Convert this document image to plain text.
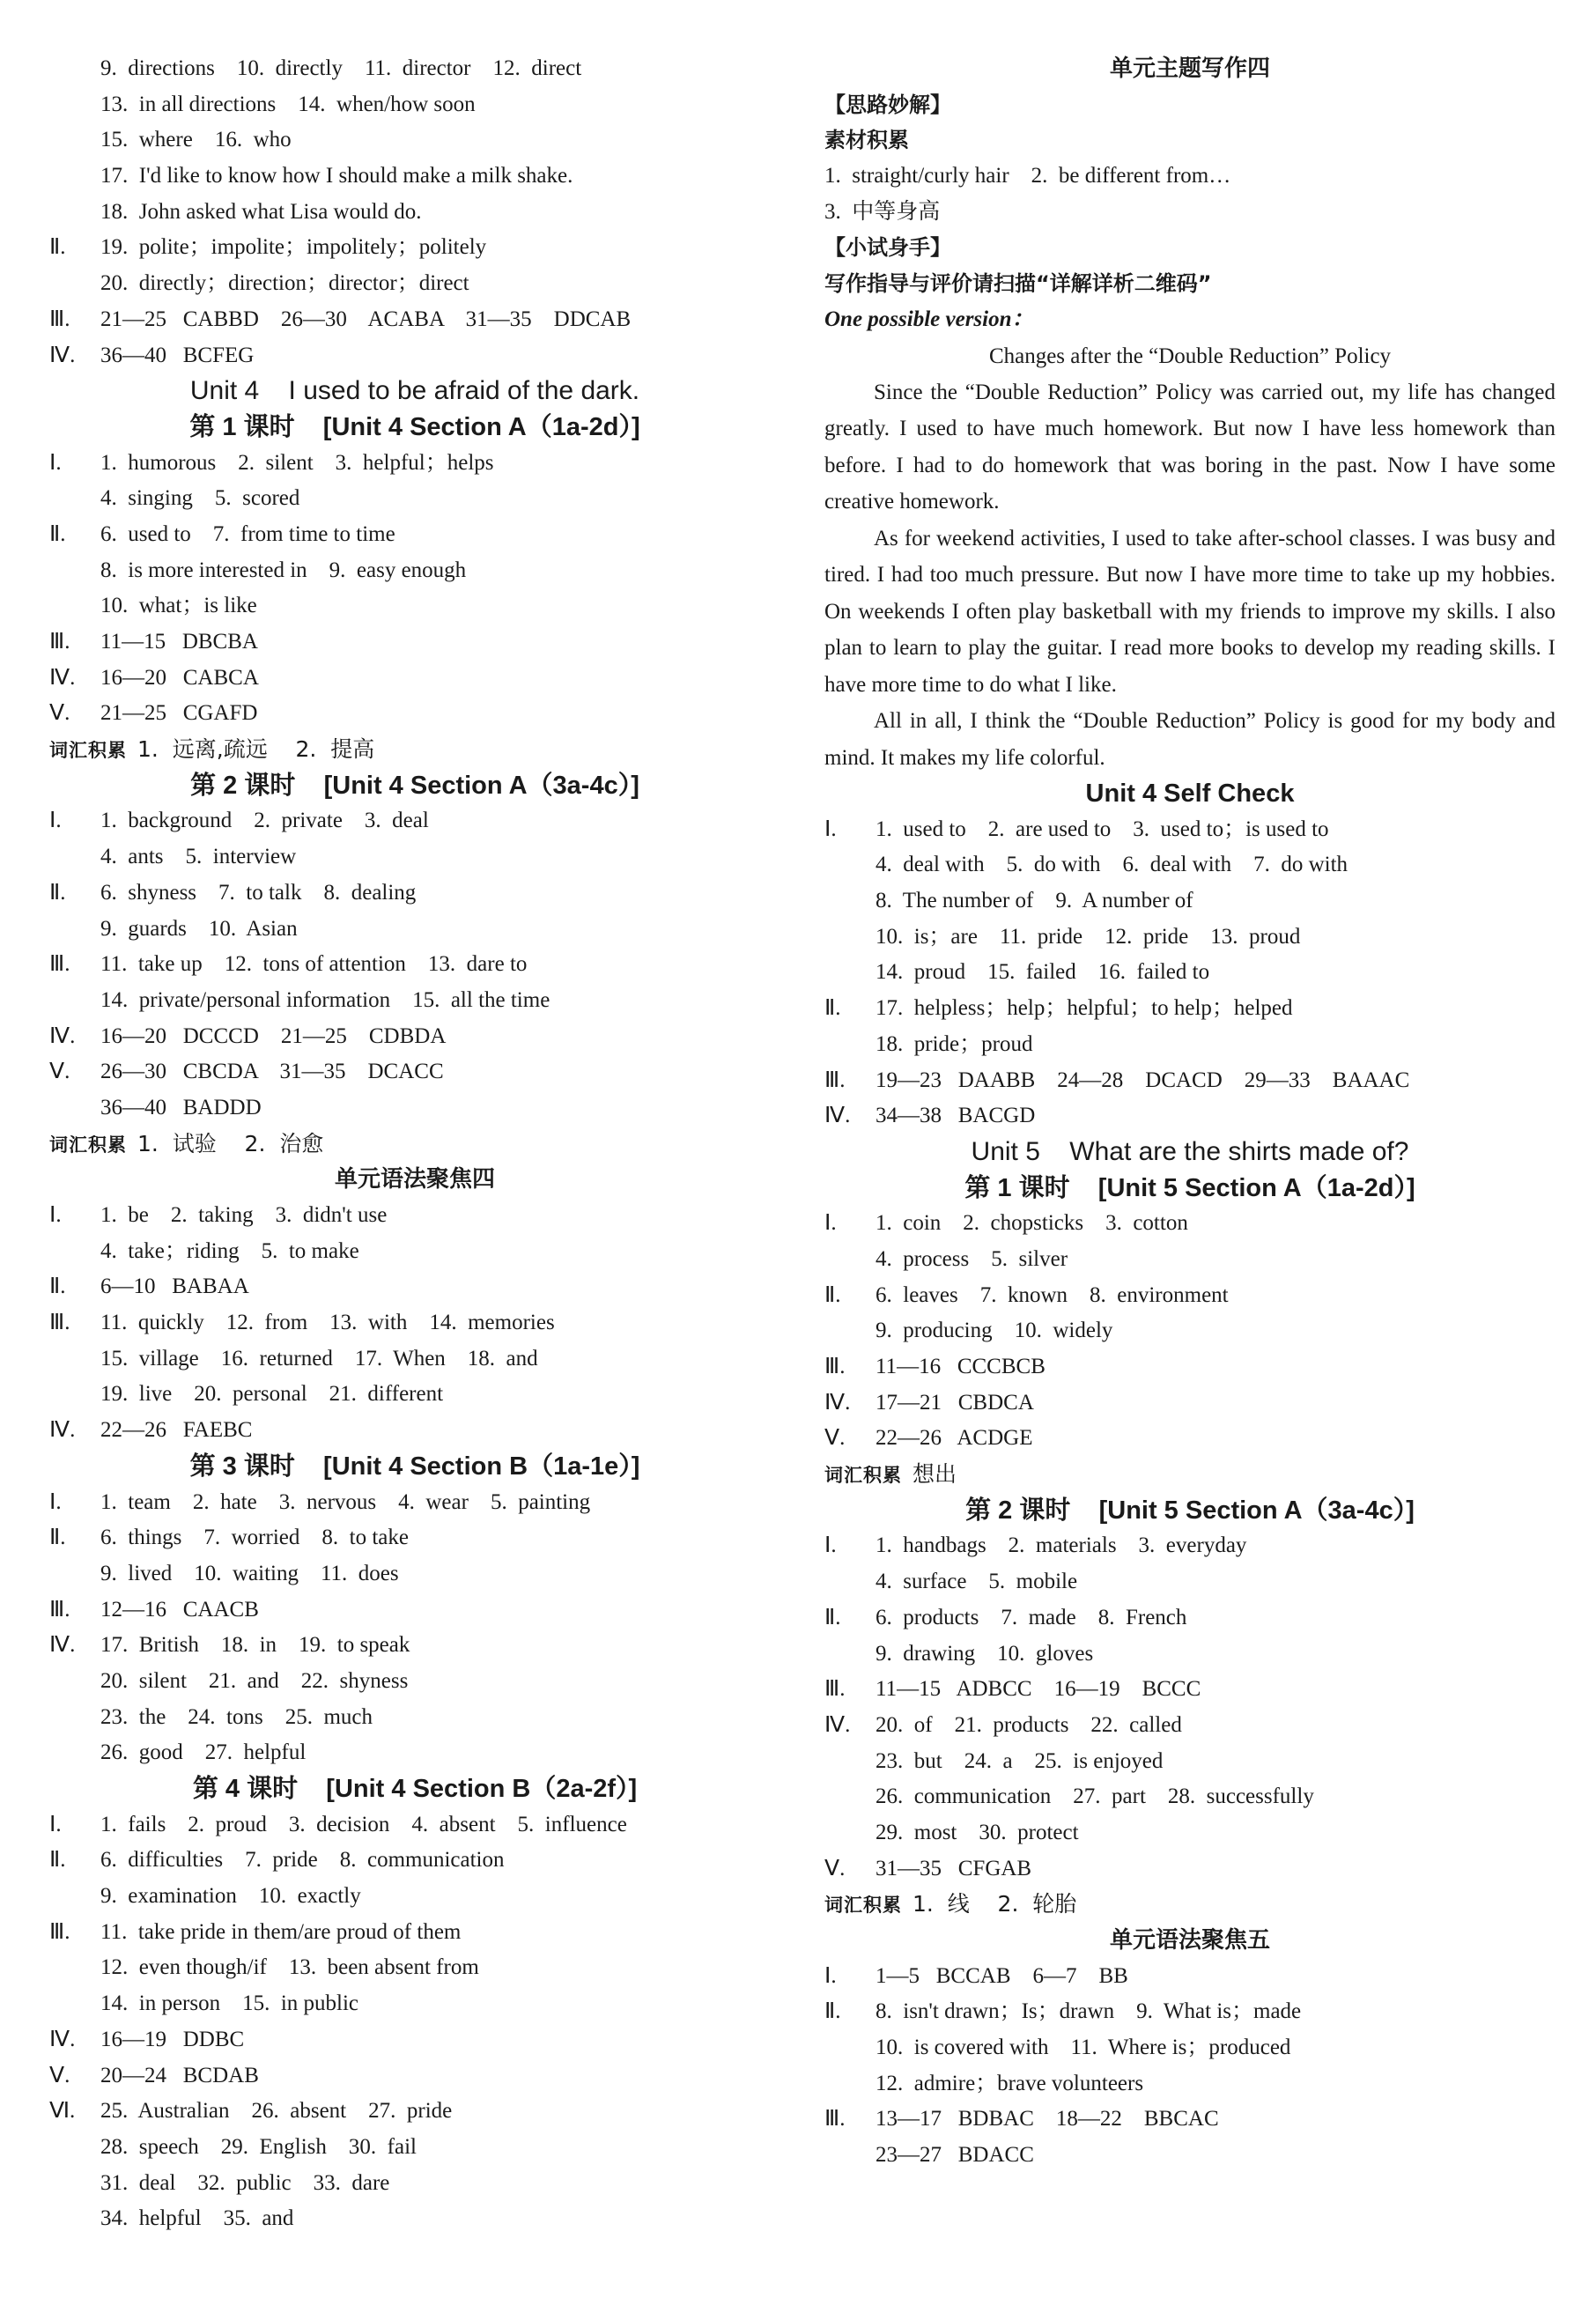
9.  directions    10.  directly    11.  director    12.  direct
13.  in all directions    14.  when/how soon
15.  where    16.  who
17.  I'd like to know how I should make a milk shake.
18.  John asked what Lisa would do.
Ⅱ. 19.  polite；impolite；impolitely；politely
20.  directly；direction；director；direct
Ⅲ. 21—25   CABBD    26—30    ACABA    31—35    DDCAB
Ⅳ. 36—40   BCFEG
Unit 4    I used to be afraid of the dark.
第 1 课时    [Unit 4 Section A（1a-2d）]
Ⅰ. 1.  humorous    2.  silent    3.  helpful；helps
4.  singing    5.  scored
Ⅱ. 6.  used to    7.  from time to time
8.  is more interested in    9.  easy enough
10.  what；is like
Ⅲ. 11—15   DBCBA
Ⅳ. 16—20   CABCA
Ⅴ. 21—25   CGAFD
词汇积累 1.  远离,疏远    2.  提高
第 2 课时    [Unit 4 Section A（3a-4c）]
Ⅰ. 1.  background    2.  private    3.  deal
4.  ants    5.  interview
Ⅱ. 6.  shyness    7.  to talk    8.  dealing
9.  guards    10.  Asian
Ⅲ. 11.  take up    12.  tons of attention    13.  dare to
14.  private/personal information    15.  all the time
Ⅳ. 16—20   DCCCD    21—25    CDBDA
Ⅴ. 26—30   CBCDA    31—35    DCACC
36—40   BADDD
词汇积累 1.  试验    2.  治愈
单元语法聚焦四
Ⅰ. 1.  be    2.  taking    3.  didn't use
4.  take；riding    5.  to make
Ⅱ. 6—10   BABAA
Ⅲ. 11.  quickly    12.  from    13.  with    14.  memories
15.  village    16.  returned    17.  When    18.  and
19.  live    20.  personal    21.  different
Ⅳ. 22—26   FAEBC
第 3 课时    [Unit 4 Section B（1a-1e）]
Ⅰ. 1.  team    2.  hate    3.  nervous    4.  wear    5.  painting
Ⅱ. 6.  things    7.  worried    8.  to take
9.  lived    10.  waiting    11.  does
Ⅲ. 12—16   CAACB
Ⅳ. 17.  British    18.  in    19.  to speak
20.  silent    21.  and    22.  shyness
23.  the    24.  tons    25.  much
26.  good    27.  helpful
第 4 课时    [Unit 4 Section B（2a-2f）]
Ⅰ. 1.  fails    2.  proud    3.  decision    4.  absent    5.  influence
Ⅱ. 6.  difficulties    7.  pride    8.  communication
9.  examination    10.  exactly
Ⅲ. 11.  take pride in them/are proud of them
12.  even though/if    13.  been absent from
14.  in person    15.  in public
Ⅳ. 16—19   DDBC
Ⅴ. 20—24   BCDAB
Ⅵ. 25.  Australian    26.  absent    27.  pride
28.  speech    29.  English    30.  fail
31.  deal    32.  public    33.  dare
34.  helpful    35.  and
单元主题写作四
【思路妙解】
素材积累
1.  straight/curly hair    2.  be different from…
3.  中等身高
【小试身手】
写作指导与评价请扫描“详解详析二维码”
One possible version：
Changes after the “Double Reduction” Policy

Since the “Double Reduction” Policy was carried out, my life has changed greatly. I used to have much homework. But now I have less homework than before. I had to do homework that was boring in the past. Now I have some creative homework.

As for weekend activities, I used to take after-school classes. I was busy and tired. I had too much pressure. But now I have more time to take up my hobbies. On weekends I often play basketball with my friends to improve my skills. I also plan to learn to play the guitar. I read more books to develop my reading skills. I have more time to do what I like.

All in all, I think the “Double Reduction” Policy is good for my body and mind. It makes my life colorful.

Unit 4 Self Check
Ⅰ. 1.  used to    2.  are used to    3.  used to；is used to
4.  deal with    5.  do with    6.  deal with    7.  do with
8.  The number of    9.  A number of
10.  is；are    11.  pride    12.  pride    13.  proud
14.  proud    15.  failed    16.  failed to
Ⅱ. 17.  helpless；help；helpful；to help；helped
18.  pride；proud
Ⅲ. 19—23   DAABB    24—28    DCACD    29—33    BAAAC
Ⅳ. 34—38   BACGD
Unit 5    What are the shirts made of?
第 1 课时    [Unit 5 Section A（1a-2d）]
Ⅰ. 1.  coin    2.  chopsticks    3.  cotton
4.  process    5.  silver
Ⅱ. 6.  leaves    7.  known    8.  environment
9.  producing    10.  widely
Ⅲ. 11—16   CCCBCB
Ⅳ. 17—21   CBDCA
Ⅴ. 22—26   ACDGE
词汇积累 想出
第 2 课时    [Unit 5 Section A（3a-4c）]
Ⅰ. 1.  handbags    2.  materials    3.  everyday
4.  surface    5.  mobile
Ⅱ. 6.  products    7.  made    8.  French
9.  drawing    10.  gloves
Ⅲ. 11—15   ADBCC    16—19    BCCC
Ⅳ. 20.  of    21.  products    22.  called
23.  but    24.  a    25.  is enjoyed
26.  communication    27.  part    28.  successfully
29.  most    30.  protect
Ⅴ. 31—35   CFGAB
词汇积累 1.  线    2.  轮胎
单元语法聚焦五
Ⅰ. 1—5   BCCAB    6—7    BB
Ⅱ. 8.  isn't drawn；Is；drawn    9.  What is；made
10.  is covered with    11.  Where is；produced
12.  admire；brave volunteers
Ⅲ. 13—17   BDBAC    18—22    BBCAC
23—27   BDACC
